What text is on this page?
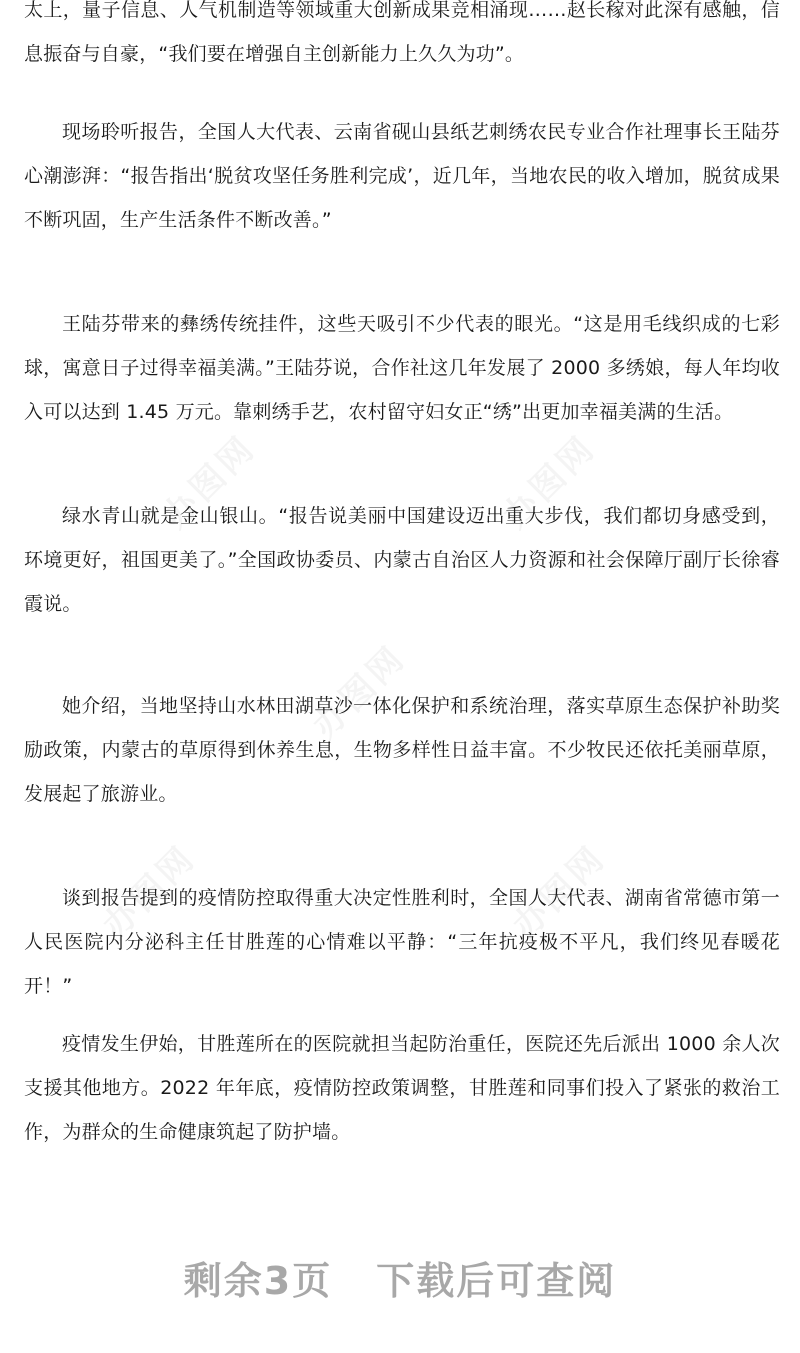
太上，量子信息、人气机制造等领域重大创新成果竞相涌现……赵长稼对此深有感触，信息振奋与自豪，“我们要在增强自主创新能力上久久为功”。

现场聆听报告，全国人大代表、云南省砚山县纸艺刺绣农民专业合作社理事长王陆芬心潮澎湃：“报告指出‘脱贫攻坚任务胜利完成’，近几年，当地农民的收入增加，脱贫成果不断巩固，生产生活条件不断改善。”

王陆芬带来的彝绣传统挂件，这些天吸引不少代表的眼光。“这是用毛线织成的七彩球，寓意日子过得幸福美满。”王陆芬说，合作社这几年发展了 2000 多绣娘，每人年均收入可以达到 1.45 万元。靠刺绣手艺，农村留守妇女正“绣”出更加幸福美满的生活。

绿水青山就是金山银山。“报告说美丽中国建设迈出重大步伐，我们都切身感受到，环境更好，祖国更美了。”全国政协委员、内蒙古自治区人力资源和社会保障厅副厅长徐睿霞说。

她介绍，当地坚持山水林田湖草沙一体化保护和系统治理，落实草原生态保护补助奖励政策，内蒙古的草原得到休养生息，生物多样性日益丰富。不少牧民还依托美丽草原，发展起了旅游业。

谈到报告提到的疫情防控取得重大决定性胜利时，全国人大代表、湖南省常德市第一人民医院内分泌科主任甘胜莲的心情难以平静：“三年抗疫极不平凡，我们终见春暖花开！”

疫情发生伊始，甘胜莲所在的医院就担当起防治重任，医院还先后派出 1000 余人次支援其他地方。2022 年年底，疫情防控政策调整，甘胜莲和同事们投入了紧张的救治工作，为群众的生命健康筑起了防护墙。

剩余3页 下载后可查阅
